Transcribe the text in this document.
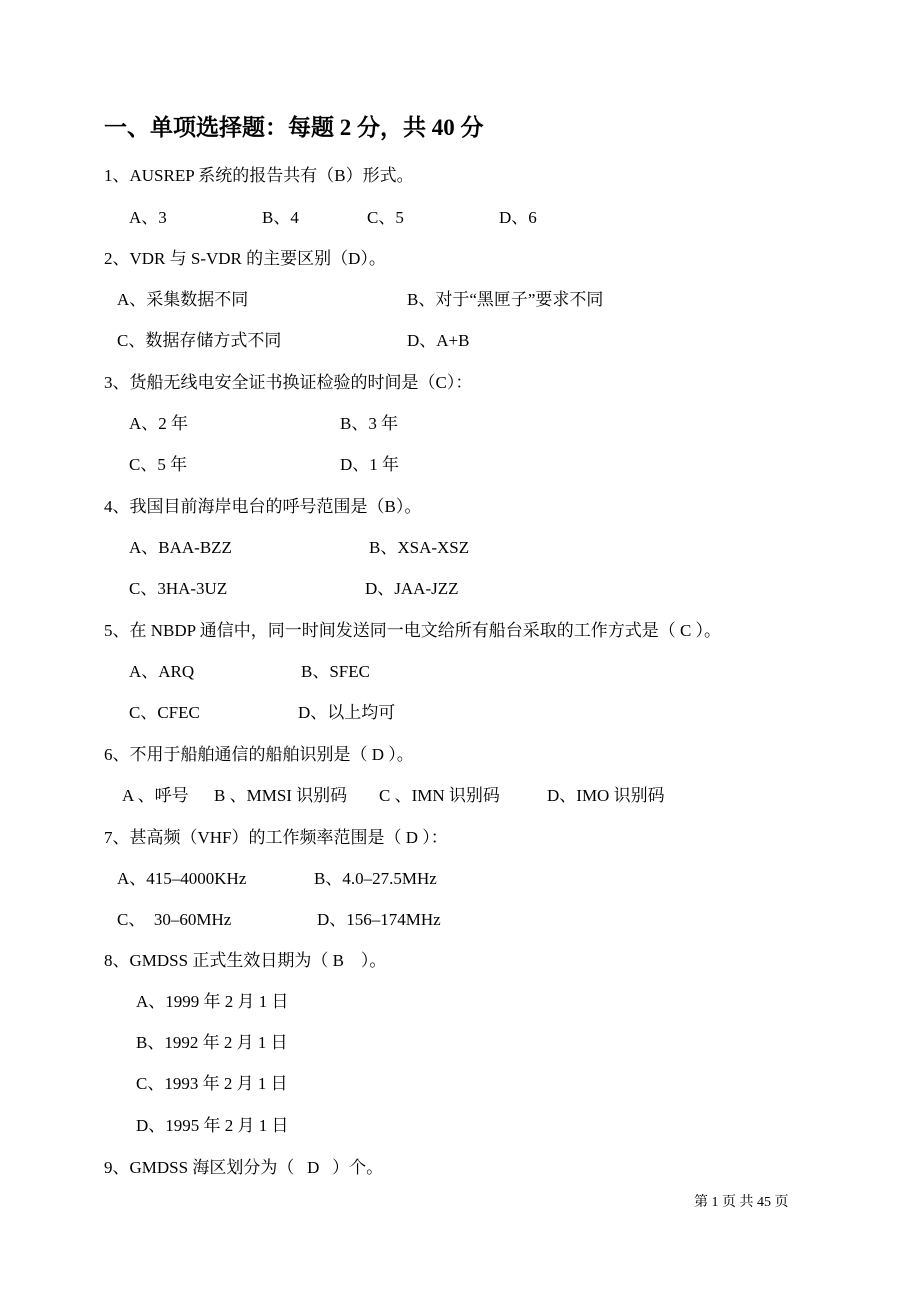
一、单项选择题：每题 2 分，共 40 分

1、AUSREP 系统的报告共有（B）形式。

A、3	B、4	C、5	D、6

2、VDR 与 S-VDR 的主要区别（D）。

A、采集数据不同	B、对于“黑匣子”要求不同
C、数据存储方式不同	D、A+B

3、货船无线电安全证书换证检验的时间是（C）：

A、2 年	B、3 年
C、5 年	D、1 年

4、我国目前海岸电台的呼号范围是（B）。

A、BAA-BZZ	B、XSA-XSZ
C、3HA-3UZ	D、JAA-JZZ

5、在 NBDP 通信中，同一时间发送同一电文给所有船台采取的工作方式是（ C ）。

A、ARQ	B、SFEC
C、CFEC	D、以上均可

6、不用于船舶通信的船舶识别是（ D ）。

A 、呼号 B 、MMSI 识别码 C 、IMN 识别码	D、IMO 识别码

7、甚高频（VHF）的工作频率范围是（ D ）：

A、415–4000KHz	B、4.0–27.5MHz
C、  30–60MHz	D、156–174MHz

8、GMDSS 正式生效日期为（ B    ）。

A、1999 年 2 月 1 日
B、1992 年 2 月 1 日
C、1993 年 2 月 1 日
D、1995 年 2 月 1 日

9、GMDSS 海区划分为（   D   ）个。

第 1 页 共 45 页
